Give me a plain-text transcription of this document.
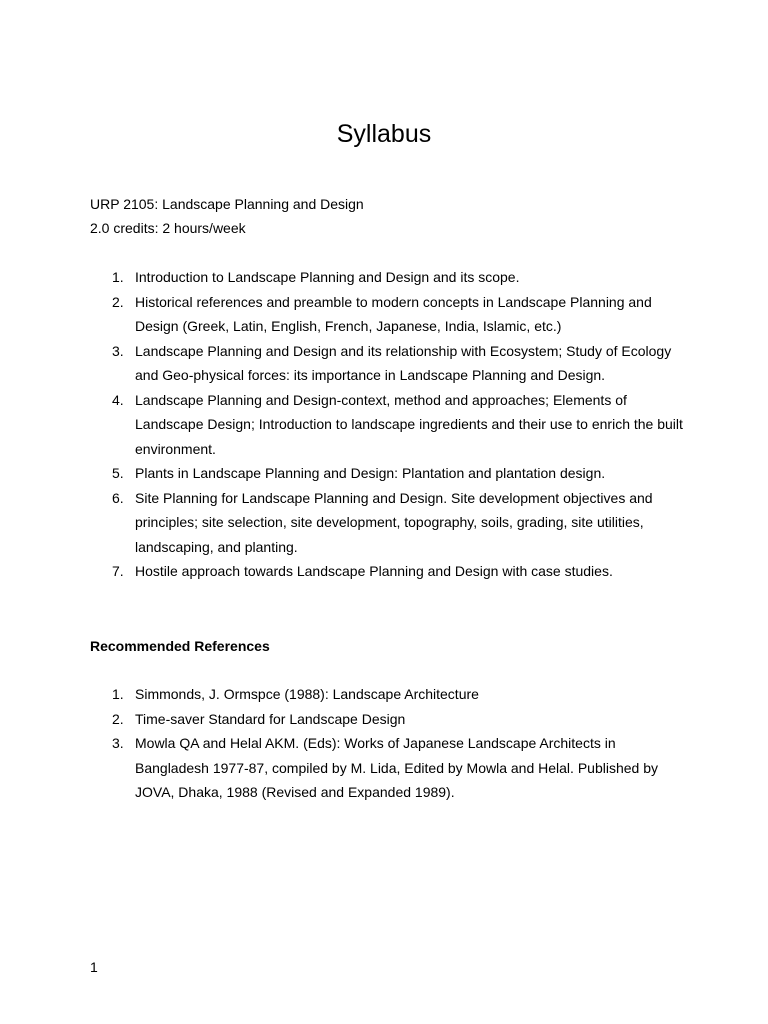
Syllabus
URP 2105: Landscape Planning and Design
2.0 credits: 2 hours/week
1. Introduction to Landscape Planning and Design and its scope.
2. Historical references and preamble to modern concepts in Landscape Planning and Design (Greek, Latin, English, French, Japanese, India, Islamic, etc.)
3. Landscape Planning and Design and its relationship with Ecosystem; Study of Ecology and Geo-physical forces: its importance in Landscape Planning and Design.
4. Landscape Planning and Design-context, method and approaches; Elements of Landscape Design; Introduction to landscape ingredients and their use to enrich the built environment.
5. Plants in Landscape Planning and Design: Plantation and plantation design.
6. Site Planning for Landscape Planning and Design. Site development objectives and principles; site selection, site development, topography, soils, grading, site utilities, landscaping, and planting.
7. Hostile approach towards Landscape Planning and Design with case studies.
Recommended References
1. Simmonds, J. Ormspce (1988): Landscape Architecture
2. Time-saver Standard for Landscape Design
3. Mowla QA and Helal AKM. (Eds): Works of Japanese Landscape Architects in Bangladesh 1977-87, compiled by M. Lida, Edited by Mowla and Helal. Published by JOVA, Dhaka, 1988 (Revised and Expanded 1989).
1
